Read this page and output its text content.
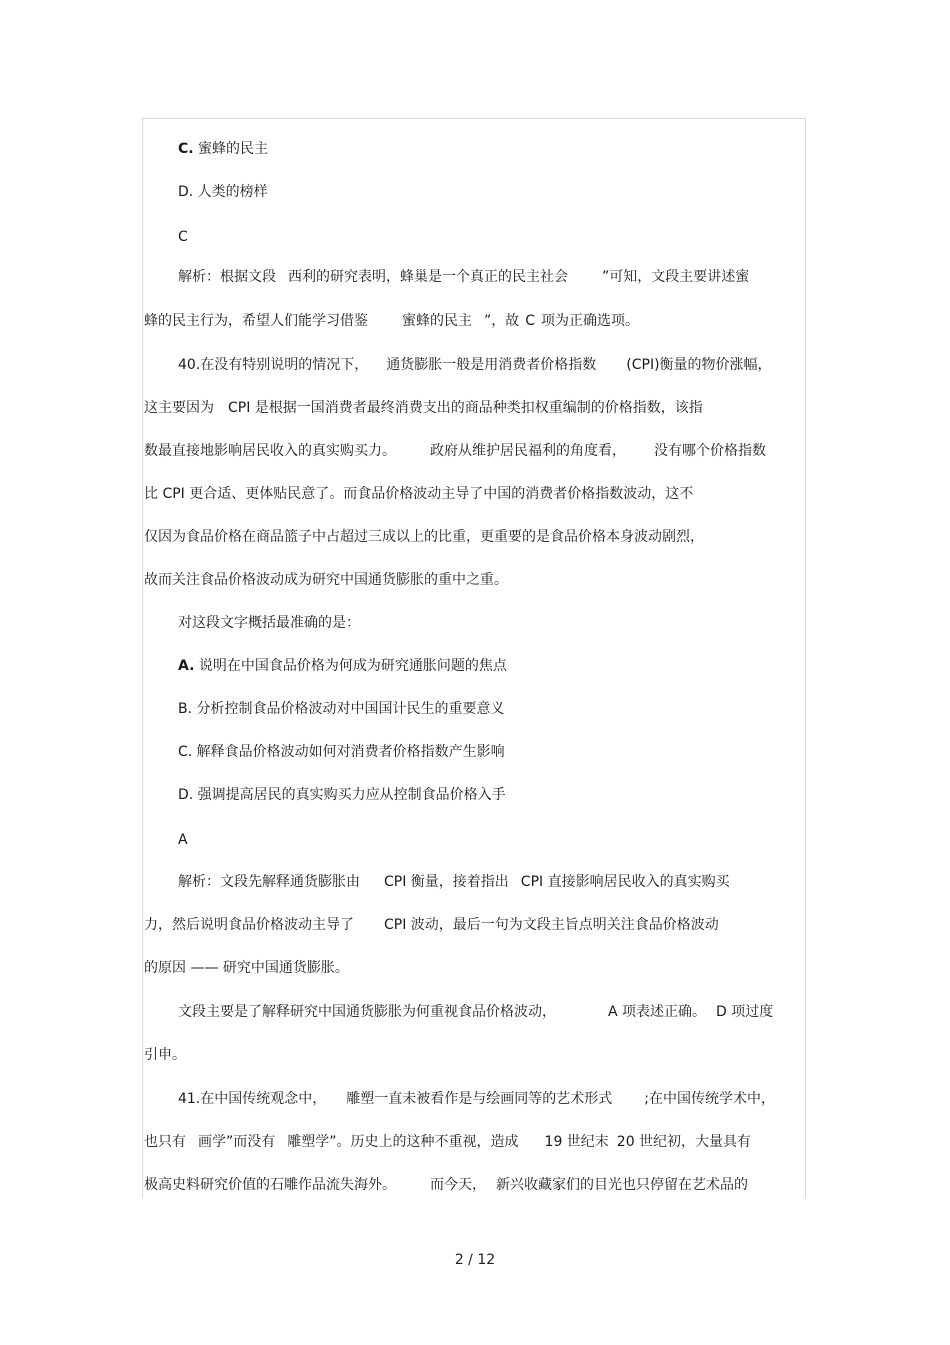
C. 蜜蜂的民主
D. 人类的榜样
C
解析：根据文段 西利的研究表明，蜂巢是一个真正的民主社会 ”可知，文段主要讲述蜜
蜂的民主行为，希望人们能学习借鉴 蜜蜂的民主 ”，故 C 项为正确选项。
40.在没有特别说明的情况下， 通货膨胀一般是用消费者价格指数 (CPI)衡量的物价涨幅，
这主要因为 CPI 是根据一国消费者最终消费支出的商品种类扣权重编制的价格指数，该指
数最直接地影响居民收入的真实购买力。 政府从维护居民福利的角度看， 没有哪个价格指数
比 CPI 更合适、更体贴民意了。而食品价格波动主导了中国的消费者价格指数波动，这不
仅因为食品价格在商品篮子中占超过三成以上的比重，更重要的是食品价格本身波动剧烈，
故而关注食品价格波动成为研究中国通货膨胀的重中之重。
对这段文字概括最准确的是：
A. 说明在中国食品价格为何成为研究通胀问题的焦点
B. 分析控制食品价格波动对中国国计民生的重要意义
C. 解释食品价格波动如何对消费者价格指数产生影响
D. 强调提高居民的真实购买力应从控制食品价格入手
A
解析：文段先解释通货膨胀由 CPI 衡量，接着指出 CPI 直接影响居民收入的真实购买
力，然后说明食品价格波动主导了 CPI 波动，最后一句为文段主旨点明关注食品价格波动
的原因 —— 研究中国通货膨胀。
文段主要是了解释研究中国通货膨胀为何重视食品价格波动，	A 项表述正确。 D 项过度
引申。
41.在中国传统观念中， 雕塑一直未被看作是与绘画同等的艺术形式 ;在中国传统学术中，
也只有 画学”而没有 雕塑学”。历史上的这种不重视，造成 19 世纪末 20 世纪初，大量具有
极高史料研究价值的石雕作品流失海外。 而今天， 新兴收藏家们的目光也只停留在艺术品的
2 / 12
